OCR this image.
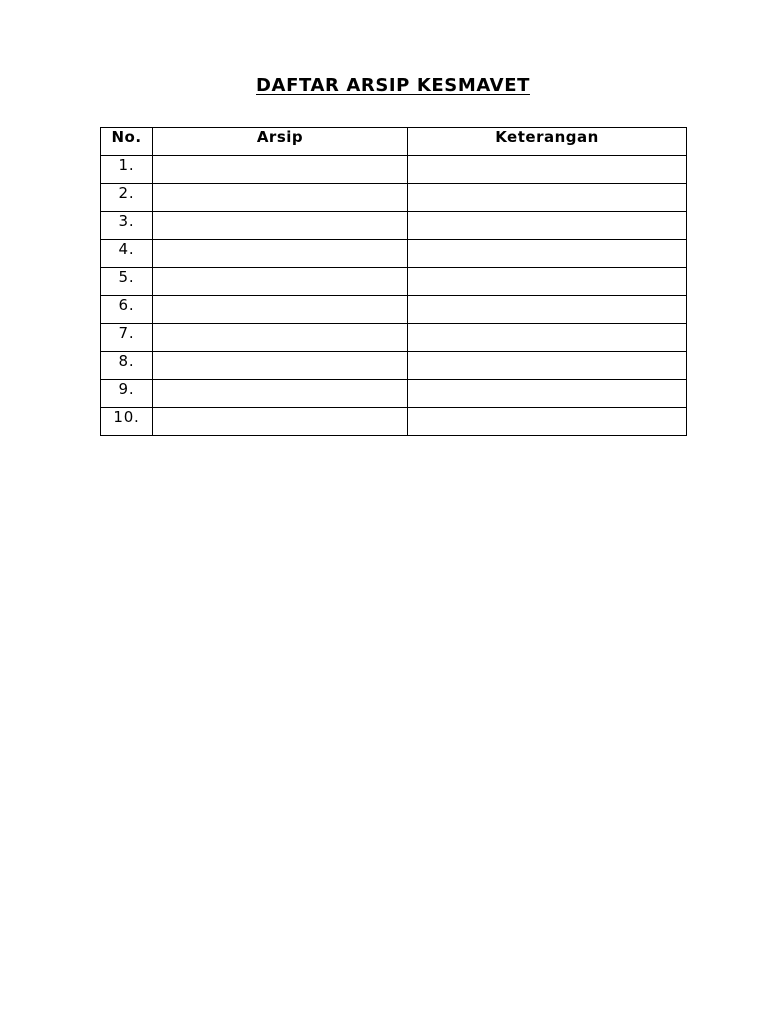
DAFTAR ARSIP KESMAVET
No.	Arsip	Keterangan
1.		
2.		
3.		
4.		
5.		
6.		
7.		
8.		
9.		
10.		
